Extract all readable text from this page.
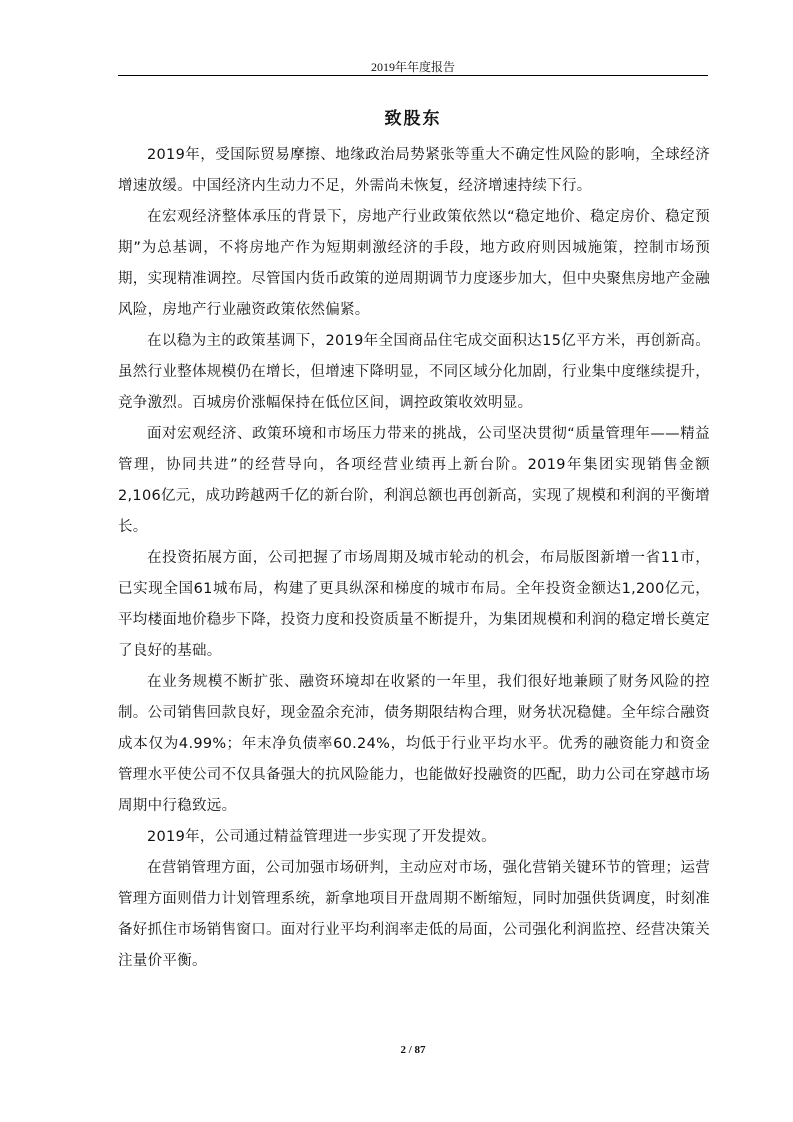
2019年年度报告
致股东

2019年，受国际贸易摩擦、地缘政治局势紧张等重大不确定性风险的影响，全球经济增速放缓。中国经济内生动力不足，外需尚未恢复，经济增速持续下行。

在宏观经济整体承压的背景下，房地产行业政策依然以“稳定地价、稳定房价、稳定预期”为总基调，不将房地产作为短期刺激经济的手段，地方政府则因城施策，控制市场预期，实现精准调控。尽管国内货币政策的逆周期调节力度逐步加大，但中央聚焦房地产金融风险，房地产行业融资政策依然偏紧。

在以稳为主的政策基调下，2019年全国商品住宅成交面积达15亿平方米，再创新高。虽然行业整体规模仍在增长，但增速下降明显，不同区域分化加剧，行业集中度继续提升，竞争激烈。百城房价涨幅保持在低位区间，调控政策收效明显。

面对宏观经济、政策环境和市场压力带来的挑战，公司坚决贯彻“质量管理年——精益管理，协同共进”的经营导向，各项经营业绩再上新台阶。2019年集团实现销售金额2,106亿元，成功跨越两千亿的新台阶，利润总额也再创新高，实现了规模和利润的平衡增长。

在投资拓展方面，公司把握了市场周期及城市轮动的机会，布局版图新增一省11市，已实现全国61城布局，构建了更具纵深和梯度的城市布局。全年投资金额达1,200亿元，平均楼面地价稳步下降，投资力度和投资质量不断提升，为集团规模和利润的稳定增长奠定了良好的基础。

在业务规模不断扩张、融资环境却在收紧的一年里，我们很好地兼顾了财务风险的控制。公司销售回款良好，现金盈余充沛，债务期限结构合理，财务状况稳健。全年综合融资成本仅为4.99%；年末净负债率60.24%，均低于行业平均水平。优秀的融资能力和资金管理水平使公司不仅具备强大的抗风险能力，也能做好投融资的匹配，助力公司在穿越市场周期中行稳致远。

2019年，公司通过精益管理进一步实现了开发提效。

在营销管理方面，公司加强市场研判，主动应对市场，强化营销关键环节的管理；运营管理方面则借力计划管理系统，新拿地项目开盘周期不断缩短，同时加强供货调度，时刻准备好抓住市场销售窗口。面对行业平均利润率走低的局面，公司强化利润监控、经营决策关注量价平衡。

2 / 87
